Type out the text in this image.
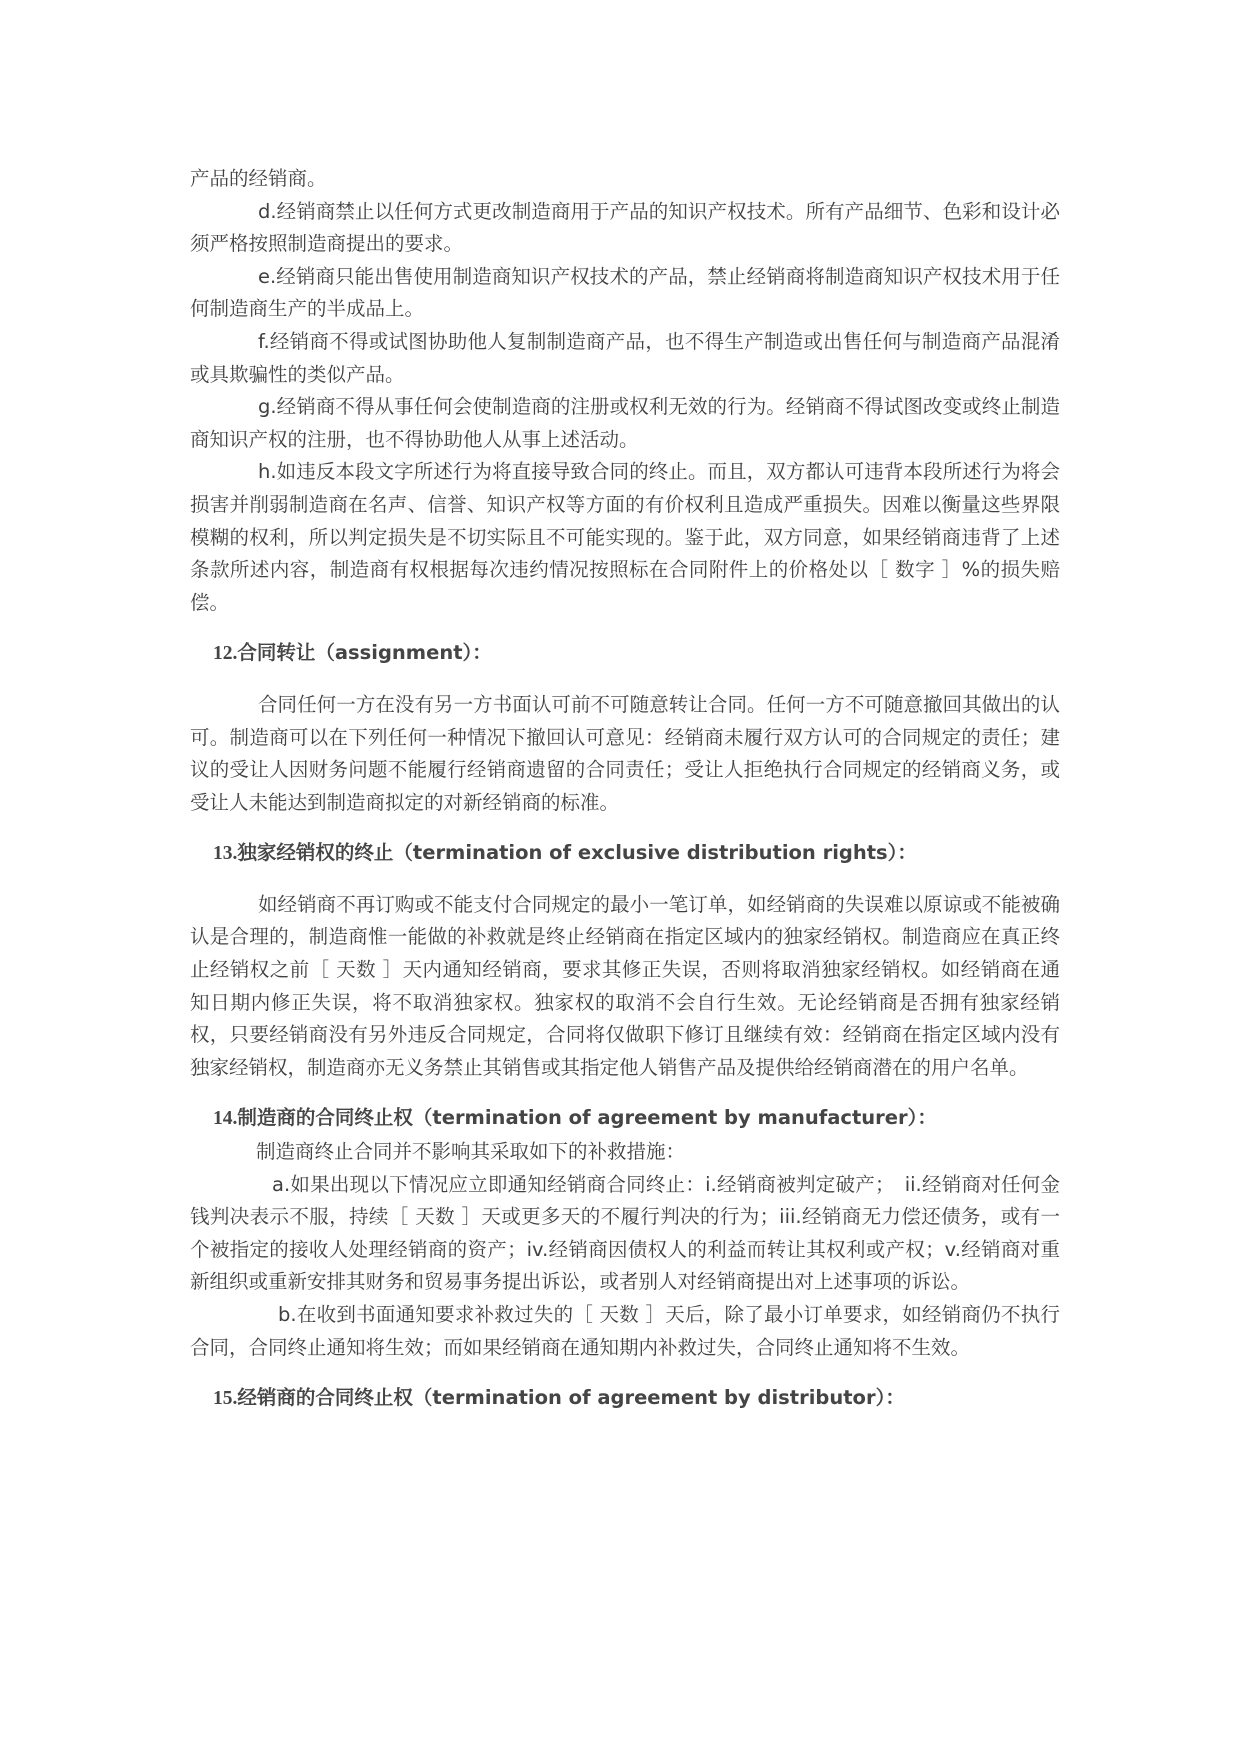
产品的经销商。

d.经销商禁止以任何方式更改制造商用于产品的知识产权技术。所有产品细节、色彩和设计必须严格按照制造商提出的要求。

e.经销商只能出售使用制造商知识产权技术的产品，禁止经销商将制造商知识产权技术用于任何制造商生产的半成品上。

f.经销商不得或试图协助他人复制制造商产品，也不得生产制造或出售任何与制造商产品混淆或具欺骗性的类似产品。

g.经销商不得从事任何会使制造商的注册或权利无效的行为。经销商不得试图改变或终止制造商知识产权的注册，也不得协助他人从事上述活动。

h.如违反本段文字所述行为将直接导致合同的终止。而且，双方都认可违背本段所述行为将会损害并削弱制造商在名声、信誉、知识产权等方面的有价权利且造成严重损失。因难以衡量这些界限模糊的权利，所以判定损失是不切实际且不可能实现的。鉴于此，双方同意，如果经销商违背了上述条款所述内容，制造商有权根据每次违约情况按照标在合同附件上的价格处以［ 数字 ］%的损失赔偿。

12.合同转让（assignment）：

合同任何一方在没有另一方书面认可前不可随意转让合同。任何一方不可随意撤回其做出的认可。制造商可以在下列任何一种情况下撤回认可意见：经销商未履行双方认可的合同规定的责任；建议的受让人因财务问题不能履行经销商遗留的合同责任；受让人拒绝执行合同规定的经销商义务，或受让人未能达到制造商拟定的对新经销商的标准。

13.独家经销权的终止（termination of exclusive distribution rights）：

如经销商不再订购或不能支付合同规定的最小一笔订单，如经销商的失误难以原谅或不能被确认是合理的，制造商惟一能做的补救就是终止经销商在指定区域内的独家经销权。制造商应在真正终止经销权之前［ 天数 ］天内通知经销商，要求其修正失误，否则将取消独家经销权。如经销商在通知日期内修正失误，将不取消独家权。独家权的取消不会自行生效。无论经销商是否拥有独家经销权，只要经销商没有另外违反合同规定，合同将仅做职下修订且继续有效：经销商在指定区域内没有独家经销权，制造商亦无义务禁止其销售或其指定他人销售产品及提供给经销商潜在的用户名单。

14.制造商的合同终止权（termination of agreement by manufacturer）：

制造商终止合同并不影响其采取如下的补救措施：

a.如果出现以下情况应立即通知经销商合同终止：i.经销商被判定破产；　ii.经销商对任何金钱判决表示不服，持续［ 天数 ］天或更多天的不履行判决的行为；iii.经销商无力偿还债务，或有一个被指定的接收人处理经销商的资产；iv.经销商因债权人的利益而转让其权利或产权；v.经销商对重新组织或重新安排其财务和贸易事务提出诉讼，或者别人对经销商提出对上述事项的诉讼。

b.在收到书面通知要求补救过失的［ 天数 ］天后，除了最小订单要求，如经销商仍不执行合同，合同终止通知将生效；而如果经销商在通知期内补救过失，合同终止通知将不生效。

15.经销商的合同终止权（termination of agreement by distributor）：
